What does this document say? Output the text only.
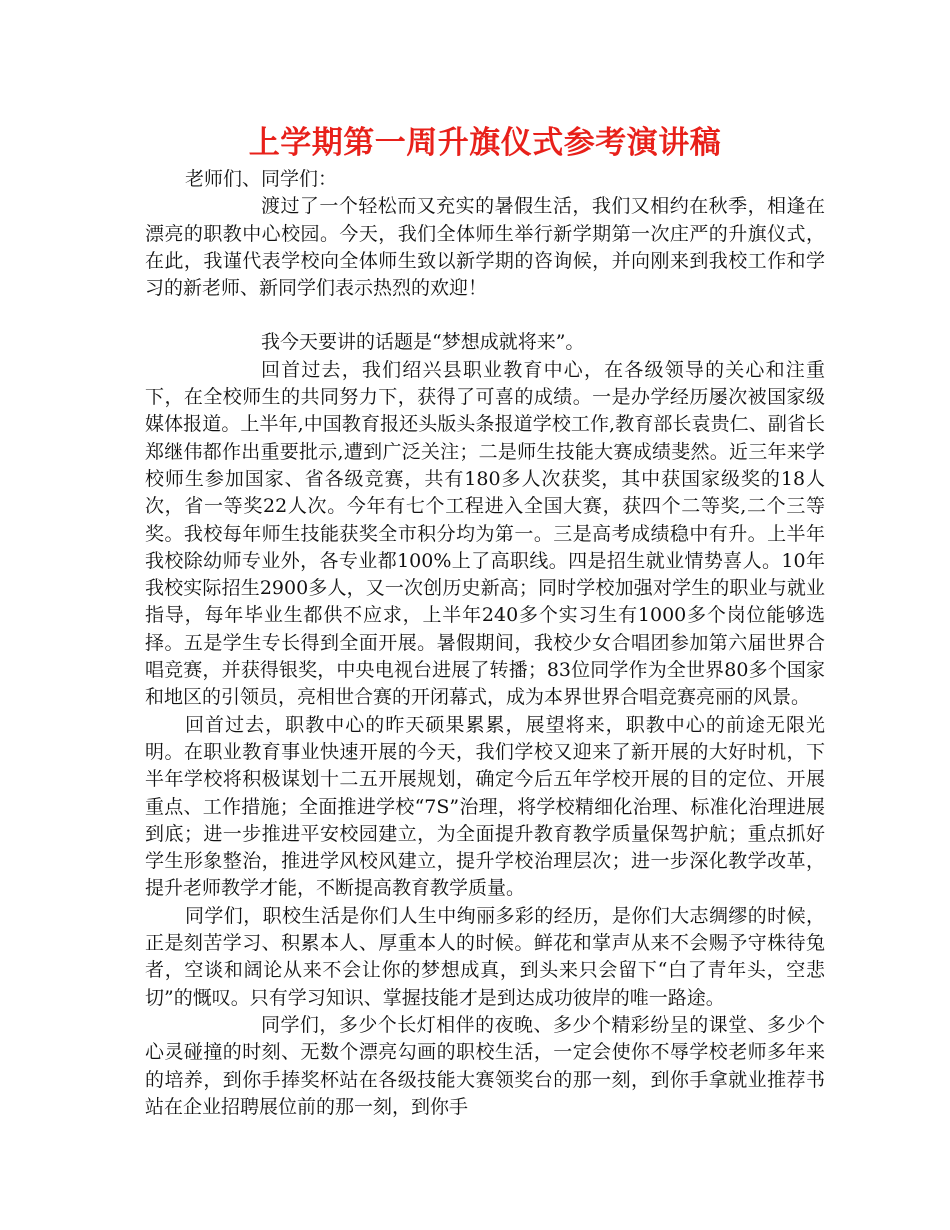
上学期第一周升旗仪式参考演讲稿

老师们、同学们：

渡过了一个轻松而又充实的暑假生活，我们又相约在秋季，相逢在漂亮的职教中心校园。今天，我们全体师生举行新学期第一次庄严的升旗仪式，在此，我谨代表学校向全体师生致以新学期的咨询候，并向刚来到我校工作和学习的新老师、新同学们表示热烈的欢迎！

我今天要讲的话题是“梦想成就将来”。

回首过去，我们绍兴县职业教育中心，在各级领导的关心和注重下，在全校师生的共同努力下，获得了可喜的成绩。一是办学经历屡次被国家级媒体报道。上半年,中国教育报还头版头条报道学校工作,教育部长袁贵仁、副省长郑继伟都作出重要批示,遭到广泛关注；二是师生技能大赛成绩斐然。近三年来学校师生参加国家、省各级竞赛，共有180多人次获奖，其中获国家级奖的18人次，省一等奖22人次。今年有七个工程进入全国大赛，获四个二等奖,二个三等奖。我校每年师生技能获奖全市积分均为第一。三是高考成绩稳中有升。上半年我校除幼师专业外，各专业都100%上了高职线。四是招生就业情势喜人。10年我校实际招生2900多人，又一次创历史新高；同时学校加强对学生的职业与就业指导，每年毕业生都供不应求，上半年240多个实习生有1000多个岗位能够选择。五是学生专长得到全面开展。暑假期间，我校少女合唱团参加第六届世界合唱竞赛，并获得银奖，中央电视台进展了转播；83位同学作为全世界80多个国家和地区的引领员，亮相世合赛的开闭幕式，成为本界世界合唱竞赛亮丽的风景。

回首过去，职教中心的昨天硕果累累，展望将来，职教中心的前途无限光明。在职业教育事业快速开展的今天，我们学校又迎来了新开展的大好时机，下半年学校将积极谋划十二五开展规划，确定今后五年学校开展的目的定位、开展重点、工作措施；全面推进学校“7S”治理，将学校精细化治理、标准化治理进展到底；进一步推进平安校园建立，为全面提升教育教学质量保驾护航；重点抓好学生形象整治，推进学风校风建立，提升学校治理层次；进一步深化教学改革，提升老师教学才能，不断提高教育教学质量。

同学们，职校生活是你们人生中绚丽多彩的经历，是你们大志绸缪的时候，正是刻苦学习、积累本人、厚重本人的时候。鲜花和掌声从来不会赐予守株待兔者，空谈和阔论从来不会让你的梦想成真，到头来只会留下“白了青年头，空悲切”的慨叹。只有学习知识、掌握技能才是到达成功彼岸的唯一路途。

同学们，多少个长灯相伴的夜晚、多少个精彩纷呈的课堂、多少个心灵碰撞的时刻、无数个漂亮勾画的职校生活，一定会使你不辱学校老师多年来的培养，到你手捧奖杯站在各级技能大赛领奖台的那一刻，到你手拿就业推荐书站在企业招聘展位前的那一刻，到你手
